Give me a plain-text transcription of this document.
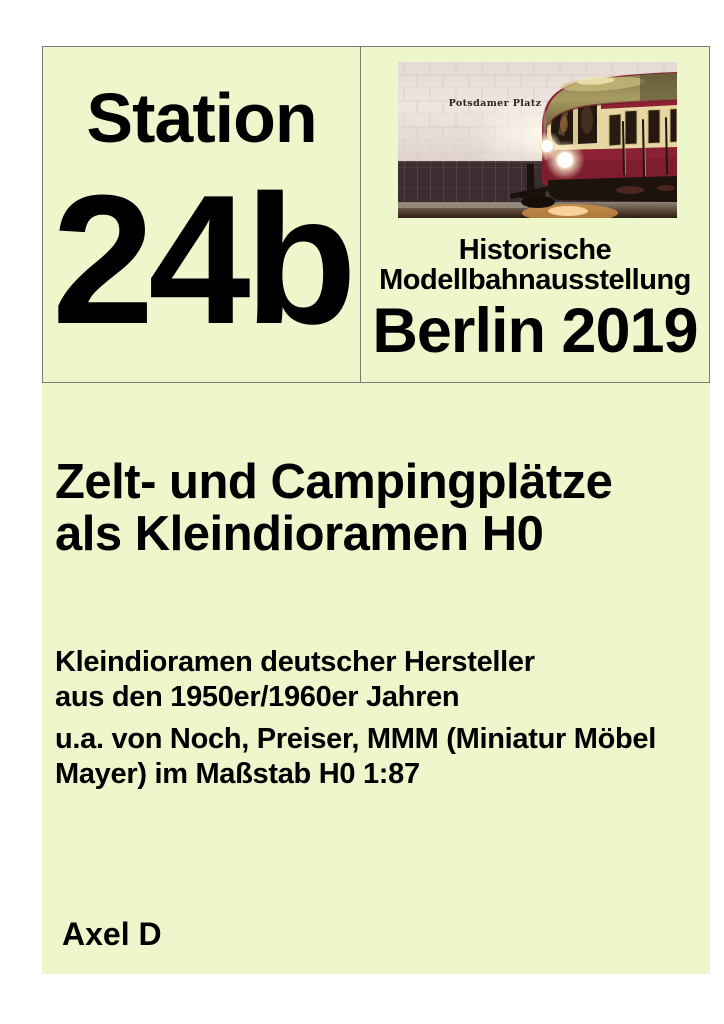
Station
24b
Potsdamer Platz
Historische
Modellbahnausstellung
Berlin 2019
Zelt- und Campingplätze
als Kleindioramen H0
Kleindioramen deutscher Hersteller
aus den 1950er/1960er Jahren
u.a. von Noch, Preiser, MMM (Miniatur Möbel
Mayer) im Maßstab H0 1:87
Axel D
